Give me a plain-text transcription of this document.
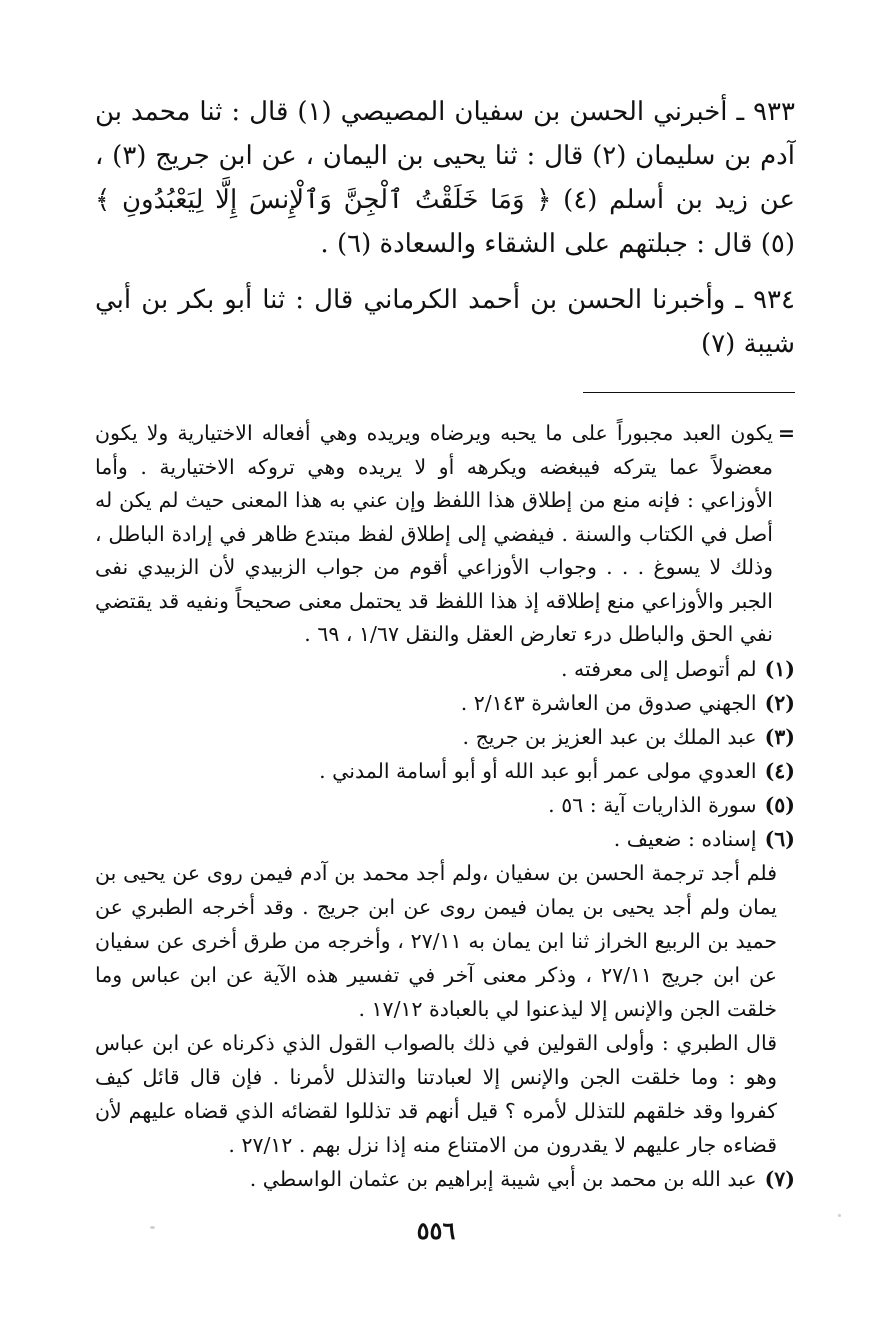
٩٣٣ ـ أخبرني الحسن بن سفيان المصيصي (١) قال : ثنا محمد بن آدم بن سليمان (٢) قال : ثنا يحيى بن اليمان ، عن ابن جريج (٣) ، عن زيد بن أسلم (٤) ﴿ وَمَا خَلَقْتُ ٱلْجِنَّ وَٱلْإِنسَ إِلَّا لِيَعْبُدُونِ ﴾ (٥) قال : جبلتهم على الشقاء والسعادة (٦) .

٩٣٤ ـ وأخبرنا الحسن بن أحمد الكرماني قال : ثنا أبو بكر بن أبي شيبة (٧)

=
يكون العبد مجبوراً على ما يحبه ويرضاه ويريده وهي أفعاله الاختيارية ولا يكون معضولاً عما يتركه فيبغضه ويكرهه أو لا يريده وهي تروكه الاختيارية . وأما الأوزاعي : فإنه منع من إطلاق هذا اللفظ وإن عني به هذا المعنى حيث لم يكن له أصل في الكتاب والسنة . فيفضي إلى إطلاق لفظ مبتدع ظاهر في إرادة الباطل ، وذلك لا يسوغ . . . وجواب الأوزاعي أقوم من جواب الزبيدي لأن الزبيدي نفى الجبر والأوزاعي منع إطلاقه إذ هذا اللفظ قد يحتمل معنى صحيحاً ونفيه قد يقتضي نفي الحق والباطل درء تعارض العقل والنقل ١/٦٧ ، ٦٩ .

(١)
لم أتوصل إلى معرفته .
(٢)
الجهني صدوق من العاشرة ٢/١٤٣ .
(٣)
عبد الملك بن عبد العزيز بن جريج .
(٤)
العدوي مولى عمر أبو عبد الله أو أبو أسامة المدني .
(٥)
سورة الذاريات آية : ٥٦ .
(٦)
إسناده : ضعيف .

فلم أجد ترجمة الحسن بن سفيان ،ولم أجد محمد بن آدم فيمن روى عن يحيى بن يمان ولم أجد يحيى بن يمان فيمن روى عن ابن جريج . وقد أخرجه الطبري عن حميد بن الربيع الخراز ثنا ابن يمان به ٢٧/١١ ، وأخرجه من طرق أخرى عن سفيان عن ابن جريج ٢٧/١١ ، وذكر معنى آخر في تفسير هذه الآية عن ابن عباس وما خلقت الجن والإنس إلا ليذعنوا لي بالعبادة ١٧/١٢ .

قال الطبري : وأولى القولين في ذلك بالصواب القول الذي ذكرناه عن ابن عباس وهو : وما خلقت الجن والإنس إلا لعبادتنا والتذلل لأمرنا . فإن قال قائل كيف كفروا وقد خلقهم للتذلل لأمره ؟ قيل أنهم قد تذللوا لقضائه الذي قضاه عليهم لأن قضاءه جار عليهم لا يقدرون من الامتناع منه إذا نزل بهم . ٢٧/١٢ .

(٧)
عبد الله بن محمد بن أبي شيبة إبراهيم بن عثمان الواسطي .
٥٥٦
